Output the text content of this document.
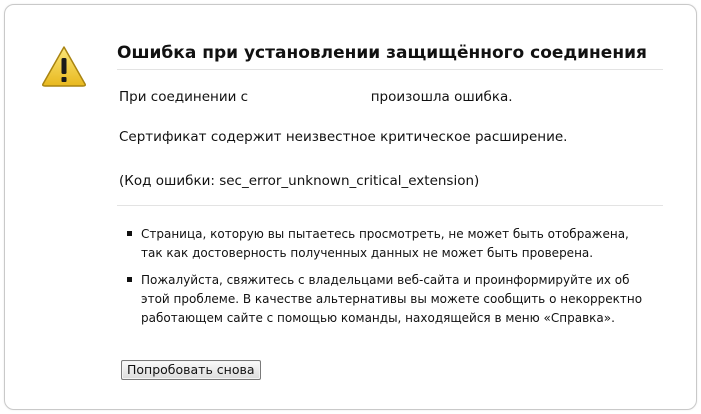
Ошибка при установлении защищённого соединения
При соединении с	произошла ошибка.
Сертификат содержит неизвестное критическое расширение.
(Код ошибки: sec_error_unknown_critical_extension)
Страница, которую вы пытаетесь просмотреть, не может быть отображена, так как достоверность полученных данных не может быть проверена.
Пожалуйста, свяжитесь с владельцами веб-сайта и проинформируйте их об этой проблеме. В качестве альтернативы вы можете сообщить о некорректно работающем сайте с помощью команды, находящейся в меню «Справка».
Попробовать снова
